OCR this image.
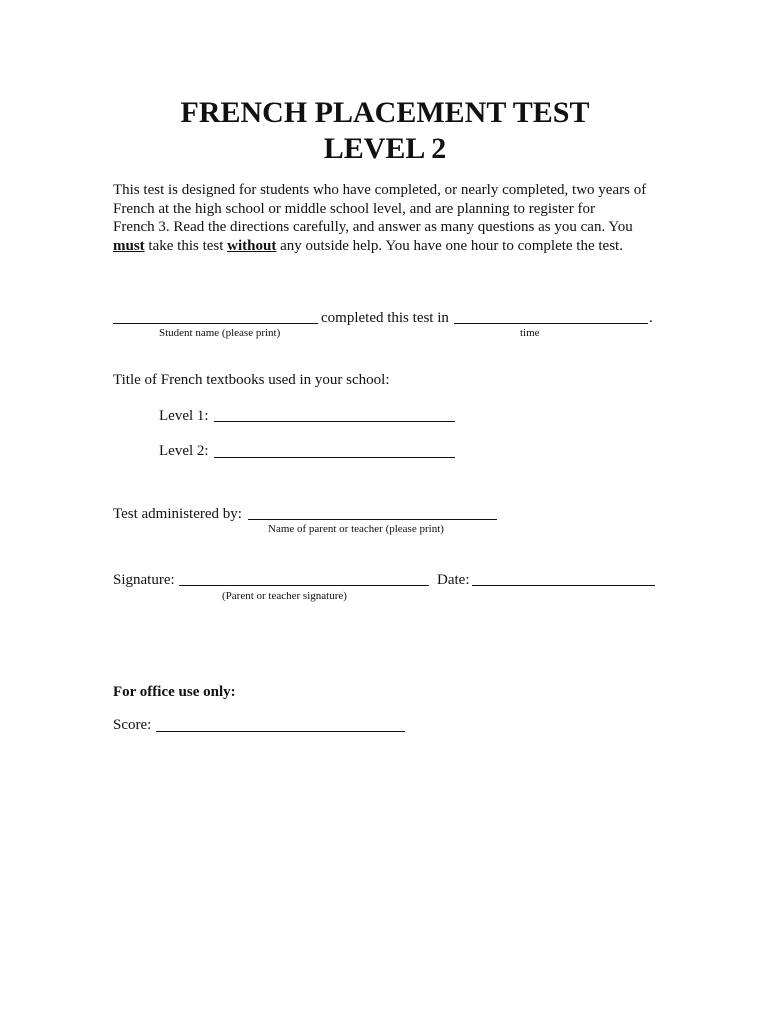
FRENCH PLACEMENT TEST
LEVEL 2
This test is designed for students who have completed, or nearly completed, two years of
French at the high school or middle school level, and are planning to register for
French 3. Read the directions carefully, and answer as many questions as you can. You
must take this test without any outside help. You have one hour to complete the test.
completed this test in	.
Student name (please print)	time
Title of French textbooks used in your school:
Level 1:
Level 2:
Test administered by:
Name of parent or teacher (please print)
Signature:	Date:
(Parent or teacher signature)
For office use only:
Score:
